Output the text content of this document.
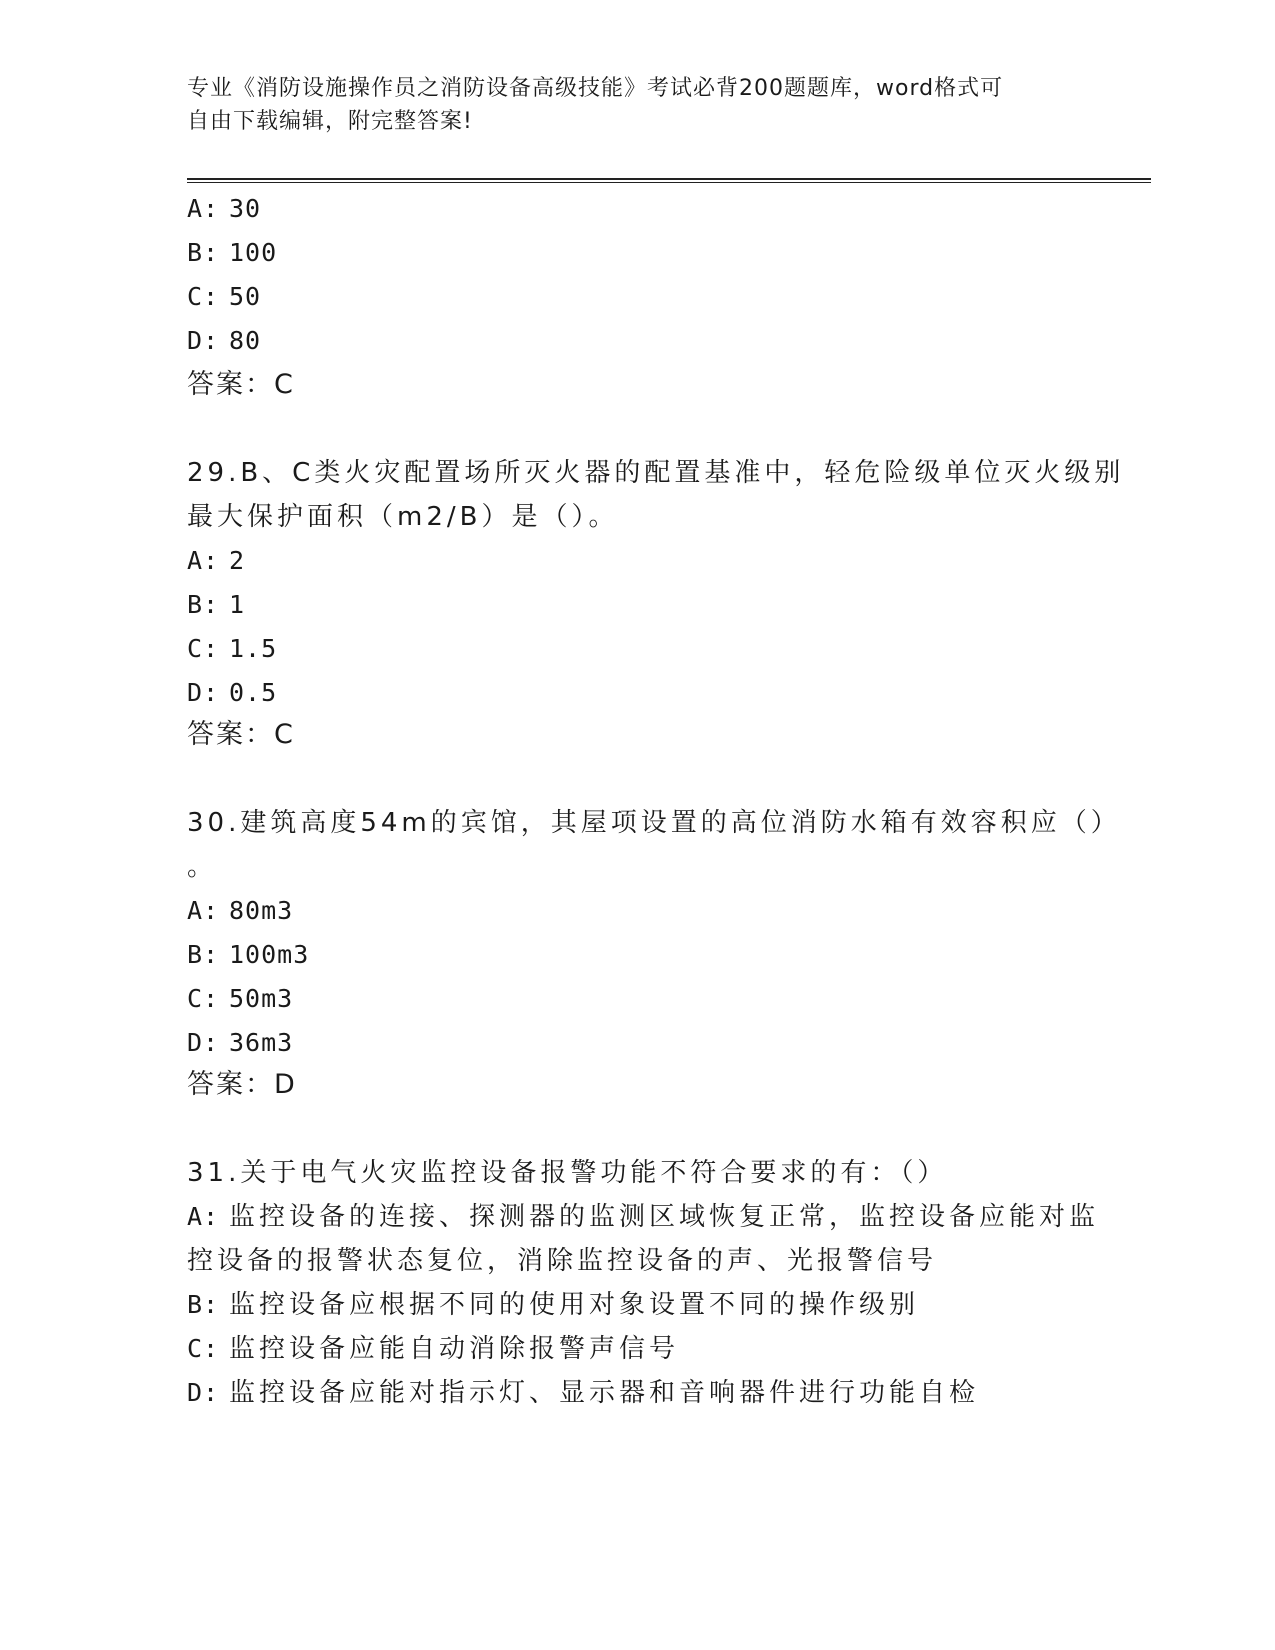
专业《消防设施操作员之消防设备高级技能》考试必背200题题库，word格式可
自由下载编辑，附完整答案!
A: 30
B: 100
C: 50
D: 80
答案：C
29.B、C类火灾配置场所灭火器的配置基准中，轻危险级单位灭火级别
最大保护面积（m2/B）是（）。
A: 2
B: 1
C: 1.5
D: 0.5
答案：C
30.建筑高度54m的宾馆，其屋项设置的高位消防水箱有效容积应（）
。
A: 80m3
B: 100m3
C: 50m3
D: 36m3
答案：D
31.关于电气火灾监控设备报警功能不符合要求的有：（）
A: 监控设备的连接、探测器的监测区域恢复正常，监控设备应能对监
控设备的报警状态复位，消除监控设备的声、光报警信号
B: 监控设备应根据不同的使用对象设置不同的操作级别
C: 监控设备应能自动消除报警声信号
D: 监控设备应能对指示灯、显示器和音响器件进行功能自检
